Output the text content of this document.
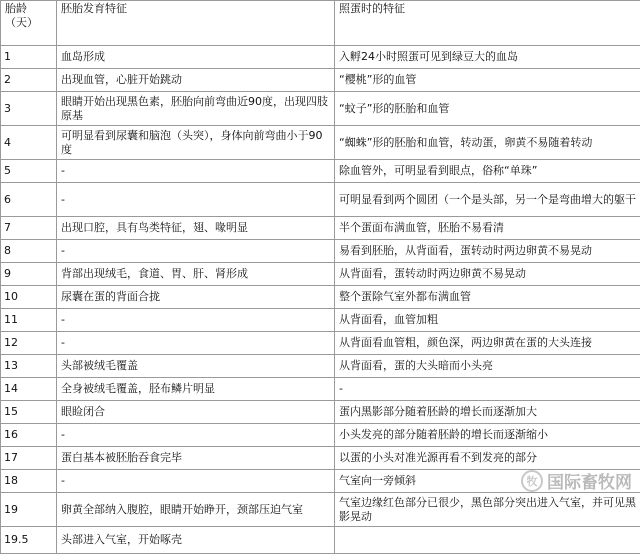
胎龄
（天）	胚胎发育特征	照蛋时的特征
1	血岛形成	入孵24小时照蛋可见到绿豆大的血岛
2	出现血管，心脏开始跳动	“樱桃”形的血管
3	眼睛开始出现黑色素，胚胎向前弯曲近90度，出现四肢原基	“蚊子”形的胚胎和血管
4	可明显看到尿囊和脑泡（头突），身体向前弯曲小于90度	“蜘蛛”形的胚胎和血管，转动蛋，卵黄不易随着转动
5	-	除血管外，可明显看到眼点，俗称“单珠”
6	-	可明显看到两个圆团（一个是头部，另一个是弯曲增大的躯干
7	出现口腔，具有鸟类特征，翅、喙明显	半个蛋面布满血管，胚胎不易看清
8	-	易看到胚胎，从背面看，蛋转动时两边卵黄不易晃动
9	背部出现绒毛，食道、胃、肝、肾形成	从背面看，蛋转动时两边卵黄不易晃动
10	尿囊在蛋的背面合拢	整个蛋除气室外都布满血管
11	-	从背面看，血管加粗
12	-	从背面看血管粗，颜色深，两边卵黄在蛋的大头连接
13	头部被绒毛覆盖	从背面看，蛋的大头暗而小头亮
14	全身被绒毛覆盖，胫布鳞片明显	-
15	眼睑闭合	蛋内黑影部分随着胚龄的增长而逐渐加大
16	-	小头发亮的部分随着胚龄的增长而逐渐缩小
17	蛋白基本被胚胎吞食完毕	以蛋的小头对准光源再看不到发亮的部分
18	-	气室向一旁倾斜
19	卵黄全部纳入腹腔，眼睛开始睁开，颈部压迫气室	气室边缘红色部分已很少，黑色部分突出进入气室，并可见黑影晃动
19.5	头部进入气室，开始啄壳	
牧 国际畜牧网
